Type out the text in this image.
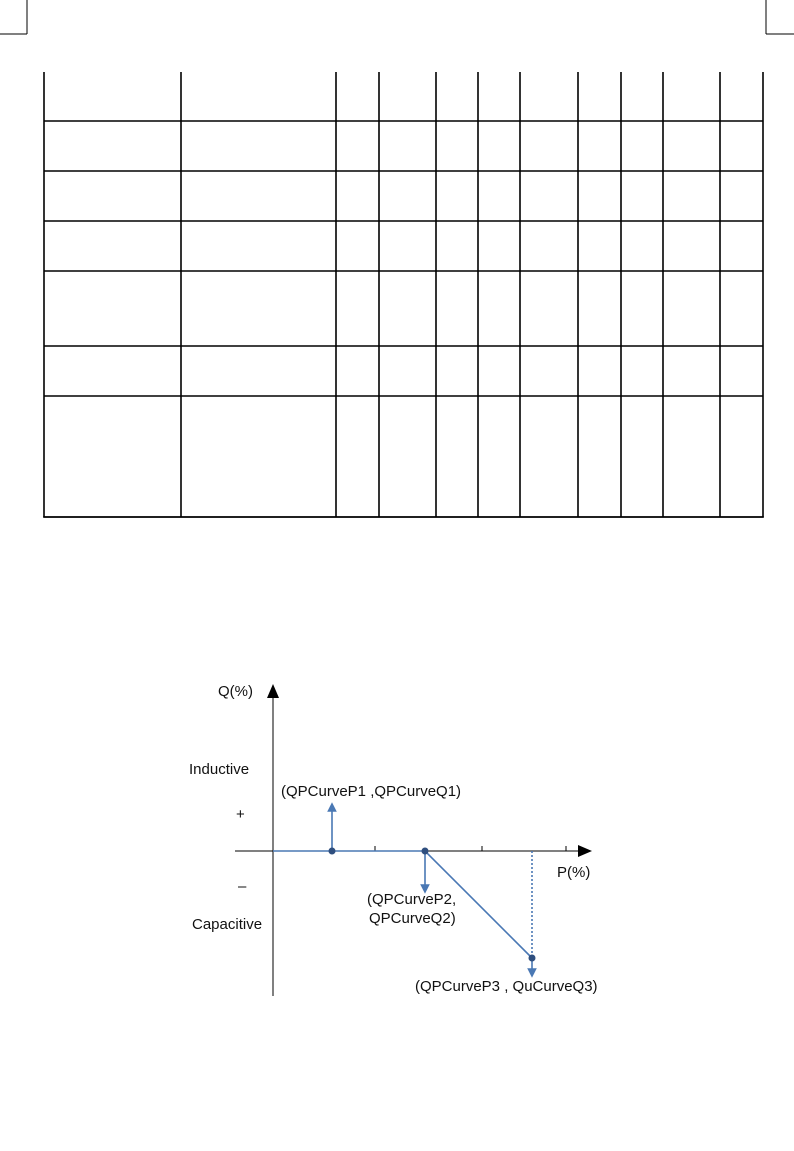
Q(%)
P(%)
Inductive
+
–
Capacitive
(QPCurveP1 ,QPCurveQ1)
(QPCurveP2,
QPCurveQ2)
(QPCurveP3 , QuCurveQ3)
